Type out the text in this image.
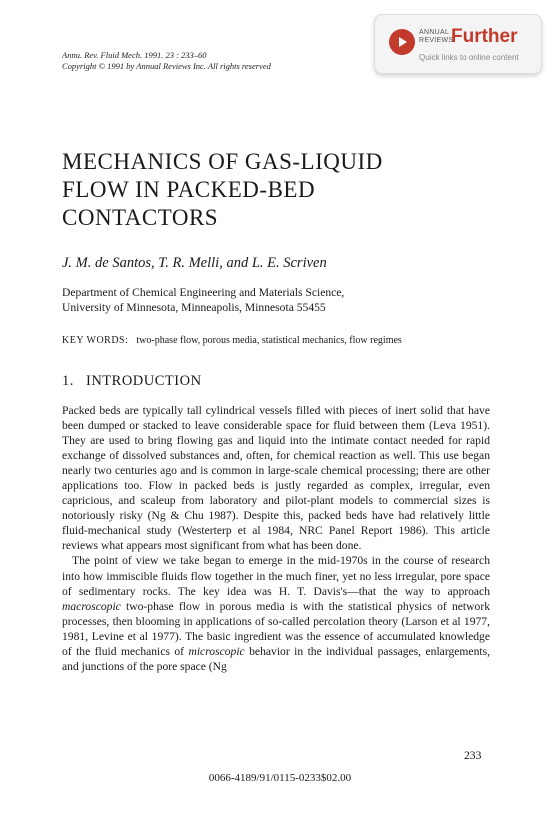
Annu. Rev. Fluid Mech. 1991. 23 : 233–60
Copyright © 1991 by Annual Reviews Inc. All rights reserved
ANNUAL
REVIEWS
Further
Quick links to online content
MECHANICS OF GAS-LIQUID
FLOW IN PACKED-BED
CONTACTORS
J. M. de Santos, T. R. Melli, and L. E. Scriven
Department of Chemical Engineering and Materials Science,
University of Minnesota, Minneapolis, Minnesota 55455
KEY WORDS: two-phase flow, porous media, statistical mechanics, flow regimes
1. INTRODUCTION

Packed beds are typically tall cylindrical vessels filled with pieces of inert solid that have been dumped or stacked to leave considerable space for fluid between them (Leva 1951). They are used to bring flowing gas and liquid into the intimate contact needed for rapid exchange of dissolved substances and, often, for chemical reaction as well. This use began nearly two centuries ago and is common in large-scale chemical processing; there are other applications too. Flow in packed beds is justly regarded as complex, irregular, even capricious, and scaleup from laboratory and pilot-plant models to commercial sizes is notoriously risky (Ng & Chu 1987). Despite this, packed beds have had relatively little fluid-mechanical study (Westerterp et al 1984, NRC Panel Report 1986). This article reviews what appears most significant from what has been done.

The point of view we take began to emerge in the mid-1970s in the course of research into how immiscible fluids flow together in the much finer, yet no less irregular, pore space of sedimentary rocks. The key idea was H. T. Davis's—that the way to approach macroscopic two-phase flow in porous media is with the statistical physics of network processes, then blooming in applications of so-called percolation theory (Larson et al 1977, 1981, Levine et al 1977). The basic ingredient was the essence of accumulated knowledge of the fluid mechanics of microscopic behavior in the individual passages, enlargements, and junctions of the pore space (Ng

233
0066-4189/91/0115-0233$02.00
